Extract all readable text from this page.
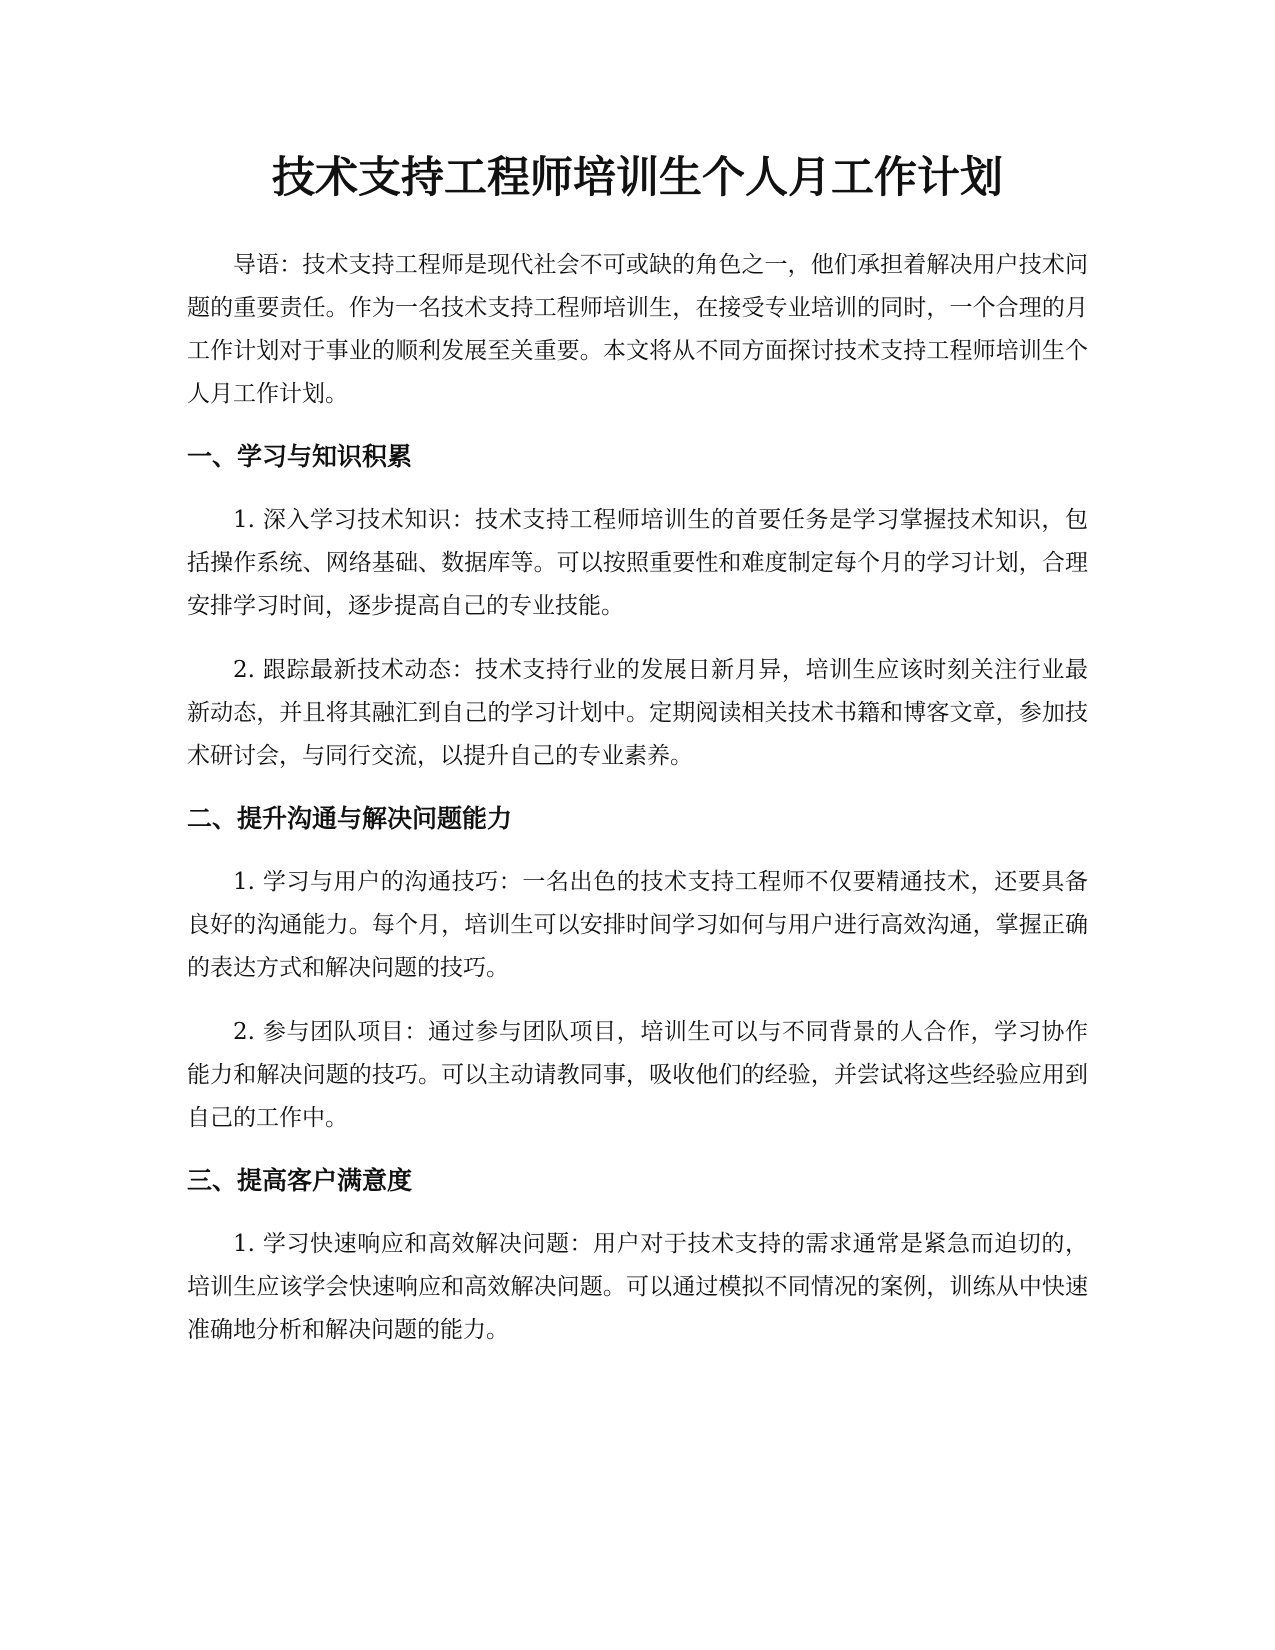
技术支持工程师培训生个人月工作计划

导语：技术支持工程师是现代社会不可或缺的角色之一，他们承担着解决用户技术问题的重要责任。作为一名技术支持工程师培训生，在接受专业培训的同时，一个合理的月工作计划对于事业的顺利发展至关重要。本文将从不同方面探讨技术支持工程师培训生个人月工作计划。

一、学习与知识积累

1. 深入学习技术知识：技术支持工程师培训生的首要任务是学习掌握技术知识，包括操作系统、网络基础、数据库等。可以按照重要性和难度制定每个月的学习计划，合理安排学习时间，逐步提高自己的专业技能。

2. 跟踪最新技术动态：技术支持行业的发展日新月异，培训生应该时刻关注行业最新动态，并且将其融汇到自己的学习计划中。定期阅读相关技术书籍和博客文章，参加技术研讨会，与同行交流，以提升自己的专业素养。

二、提升沟通与解决问题能力

1. 学习与用户的沟通技巧：一名出色的技术支持工程师不仅要精通技术，还要具备良好的沟通能力。每个月，培训生可以安排时间学习如何与用户进行高效沟通，掌握正确的表达方式和解决问题的技巧。

2. 参与团队项目：通过参与团队项目，培训生可以与不同背景的人合作，学习协作能力和解决问题的技巧。可以主动请教同事，吸收他们的经验，并尝试将这些经验应用到自己的工作中。

三、提高客户满意度

1. 学习快速响应和高效解决问题：用户对于技术支持的需求通常是紧急而迫切的，培训生应该学会快速响应和高效解决问题。可以通过模拟不同情况的案例，训练从中快速准确地分析和解决问题的能力。
